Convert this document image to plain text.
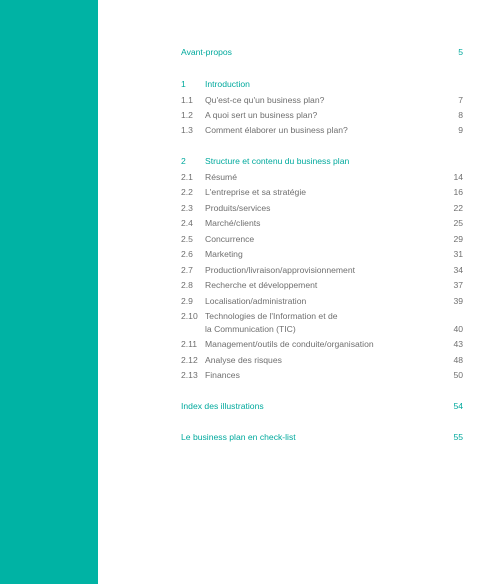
Avant-propos	5
1 Introduction
1.1 Qu'est-ce qu'un business plan?	7
1.2 A quoi sert un business plan?	8
1.3 Comment élaborer un business plan?	9
2 Structure et contenu du business plan
2.1 Résumé	14
2.2 L'entreprise et sa stratégie	16
2.3 Produits/services	22
2.4 Marché/clients	25
2.5 Concurrence	29
2.6 Marketing	31
2.7 Production/livraison/approvisionnement	34
2.8 Recherche et développement	37
2.9 Localisation/administration	39
2.10 Technologies de l'Information et de
la Communication (TIC)	40
2.11 Management/outils de conduite/organisation	43
2.12 Analyse des risques	48
2.13 Finances	50
Index des illustrations	54
Le business plan en check-list	55
